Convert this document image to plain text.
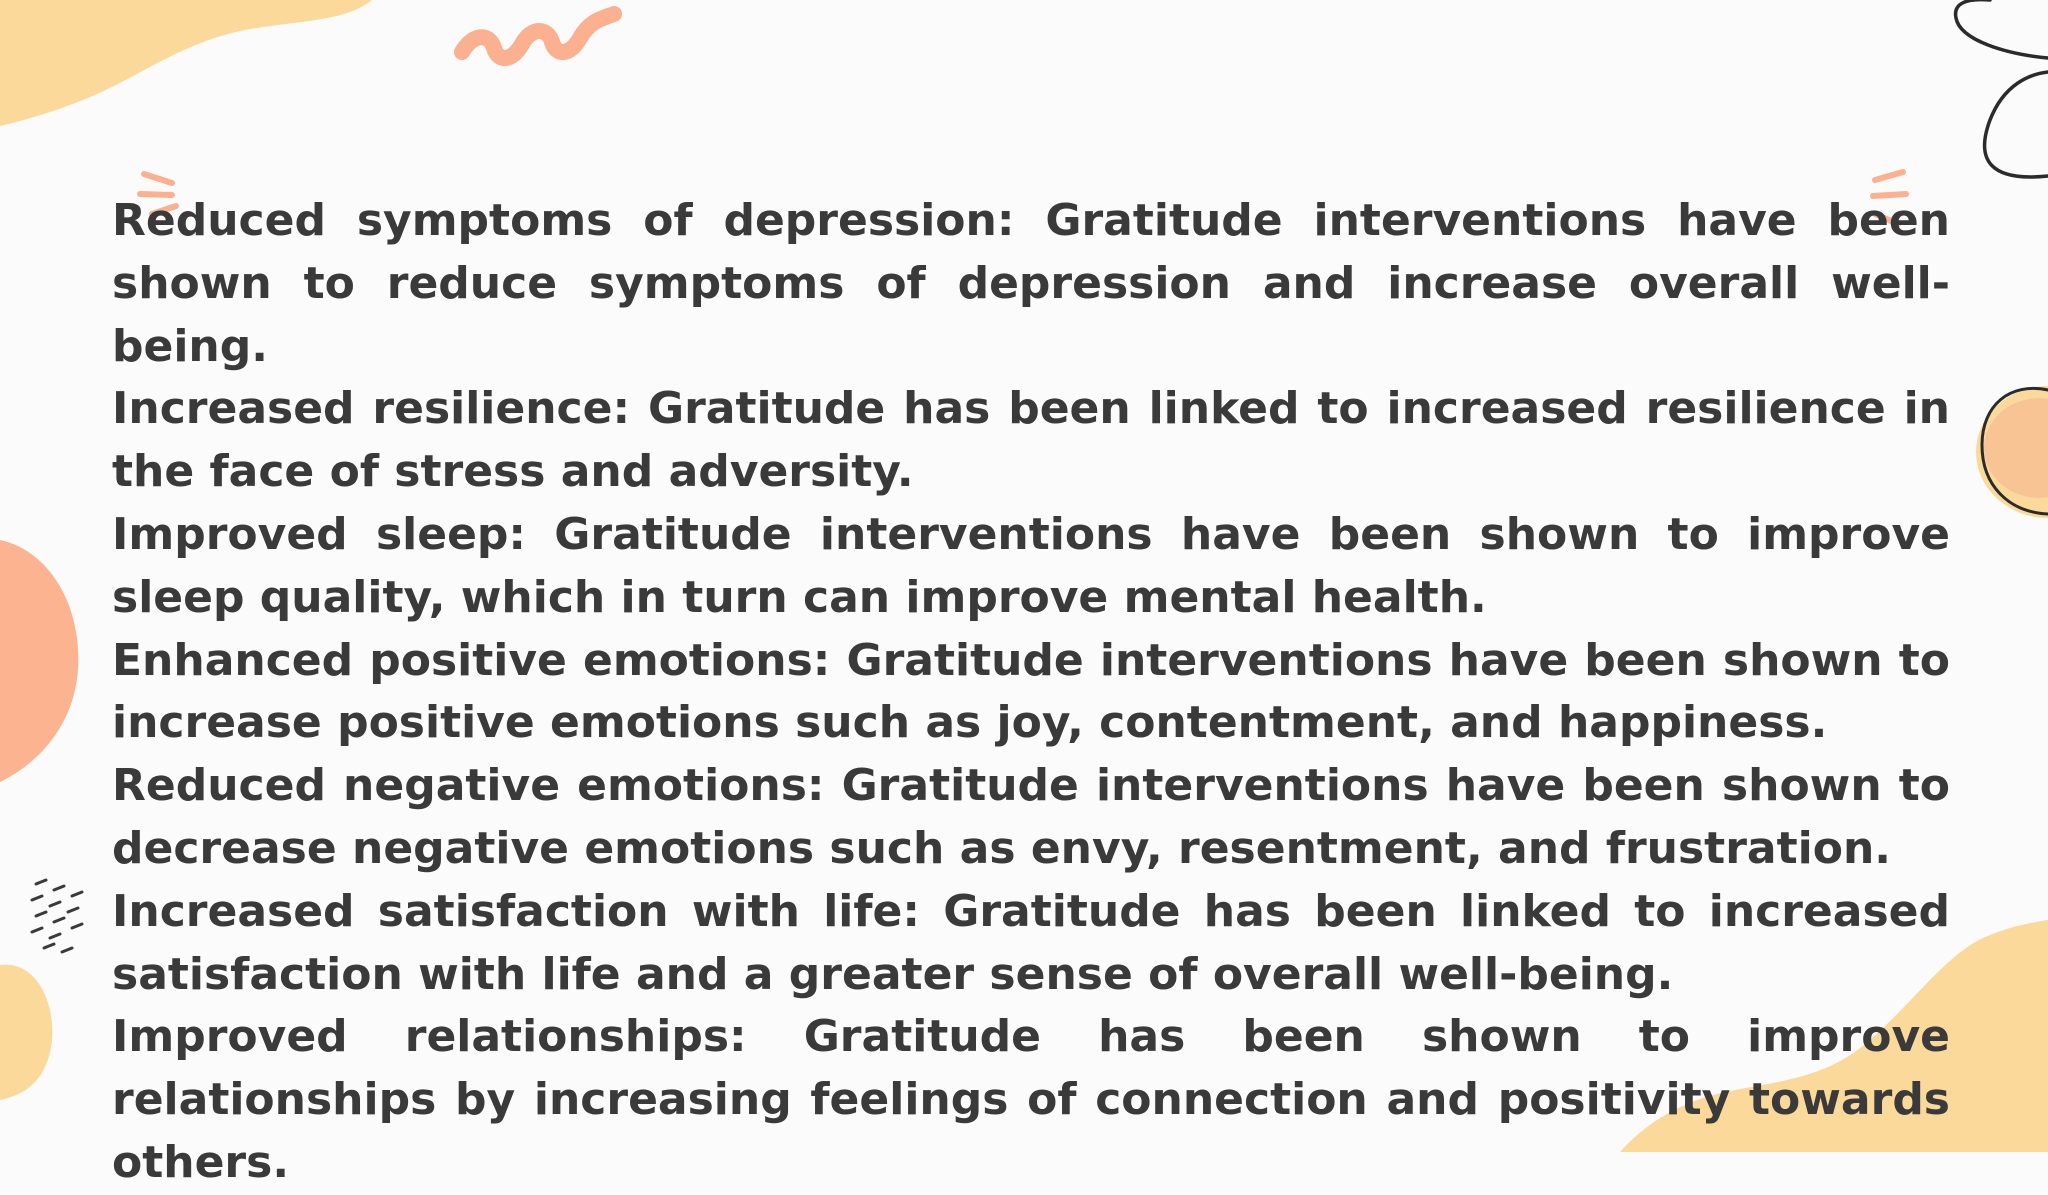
Reduced symptoms of depression: Gratitude interventions have been shown to reduce symptoms of depression and increase overall well-being.

Increased resilience: Gratitude has been linked to increased resilience in the face of stress and adversity.

Improved sleep: Gratitude interventions have been shown to improve sleep quality, which in turn can improve mental health.

Enhanced positive emotions: Gratitude interventions have been shown to increase positive emotions such as joy, contentment, and happiness.

Reduced negative emotions: Gratitude interventions have been shown to decrease negative emotions such as envy, resentment, and frustration.

Increased satisfaction with life: Gratitude has been linked to increased satisfaction with life and a greater sense of overall well-being.

Improved relationships: Gratitude has been shown to improve relationships by increasing feelings of connection and positivity towards others.
